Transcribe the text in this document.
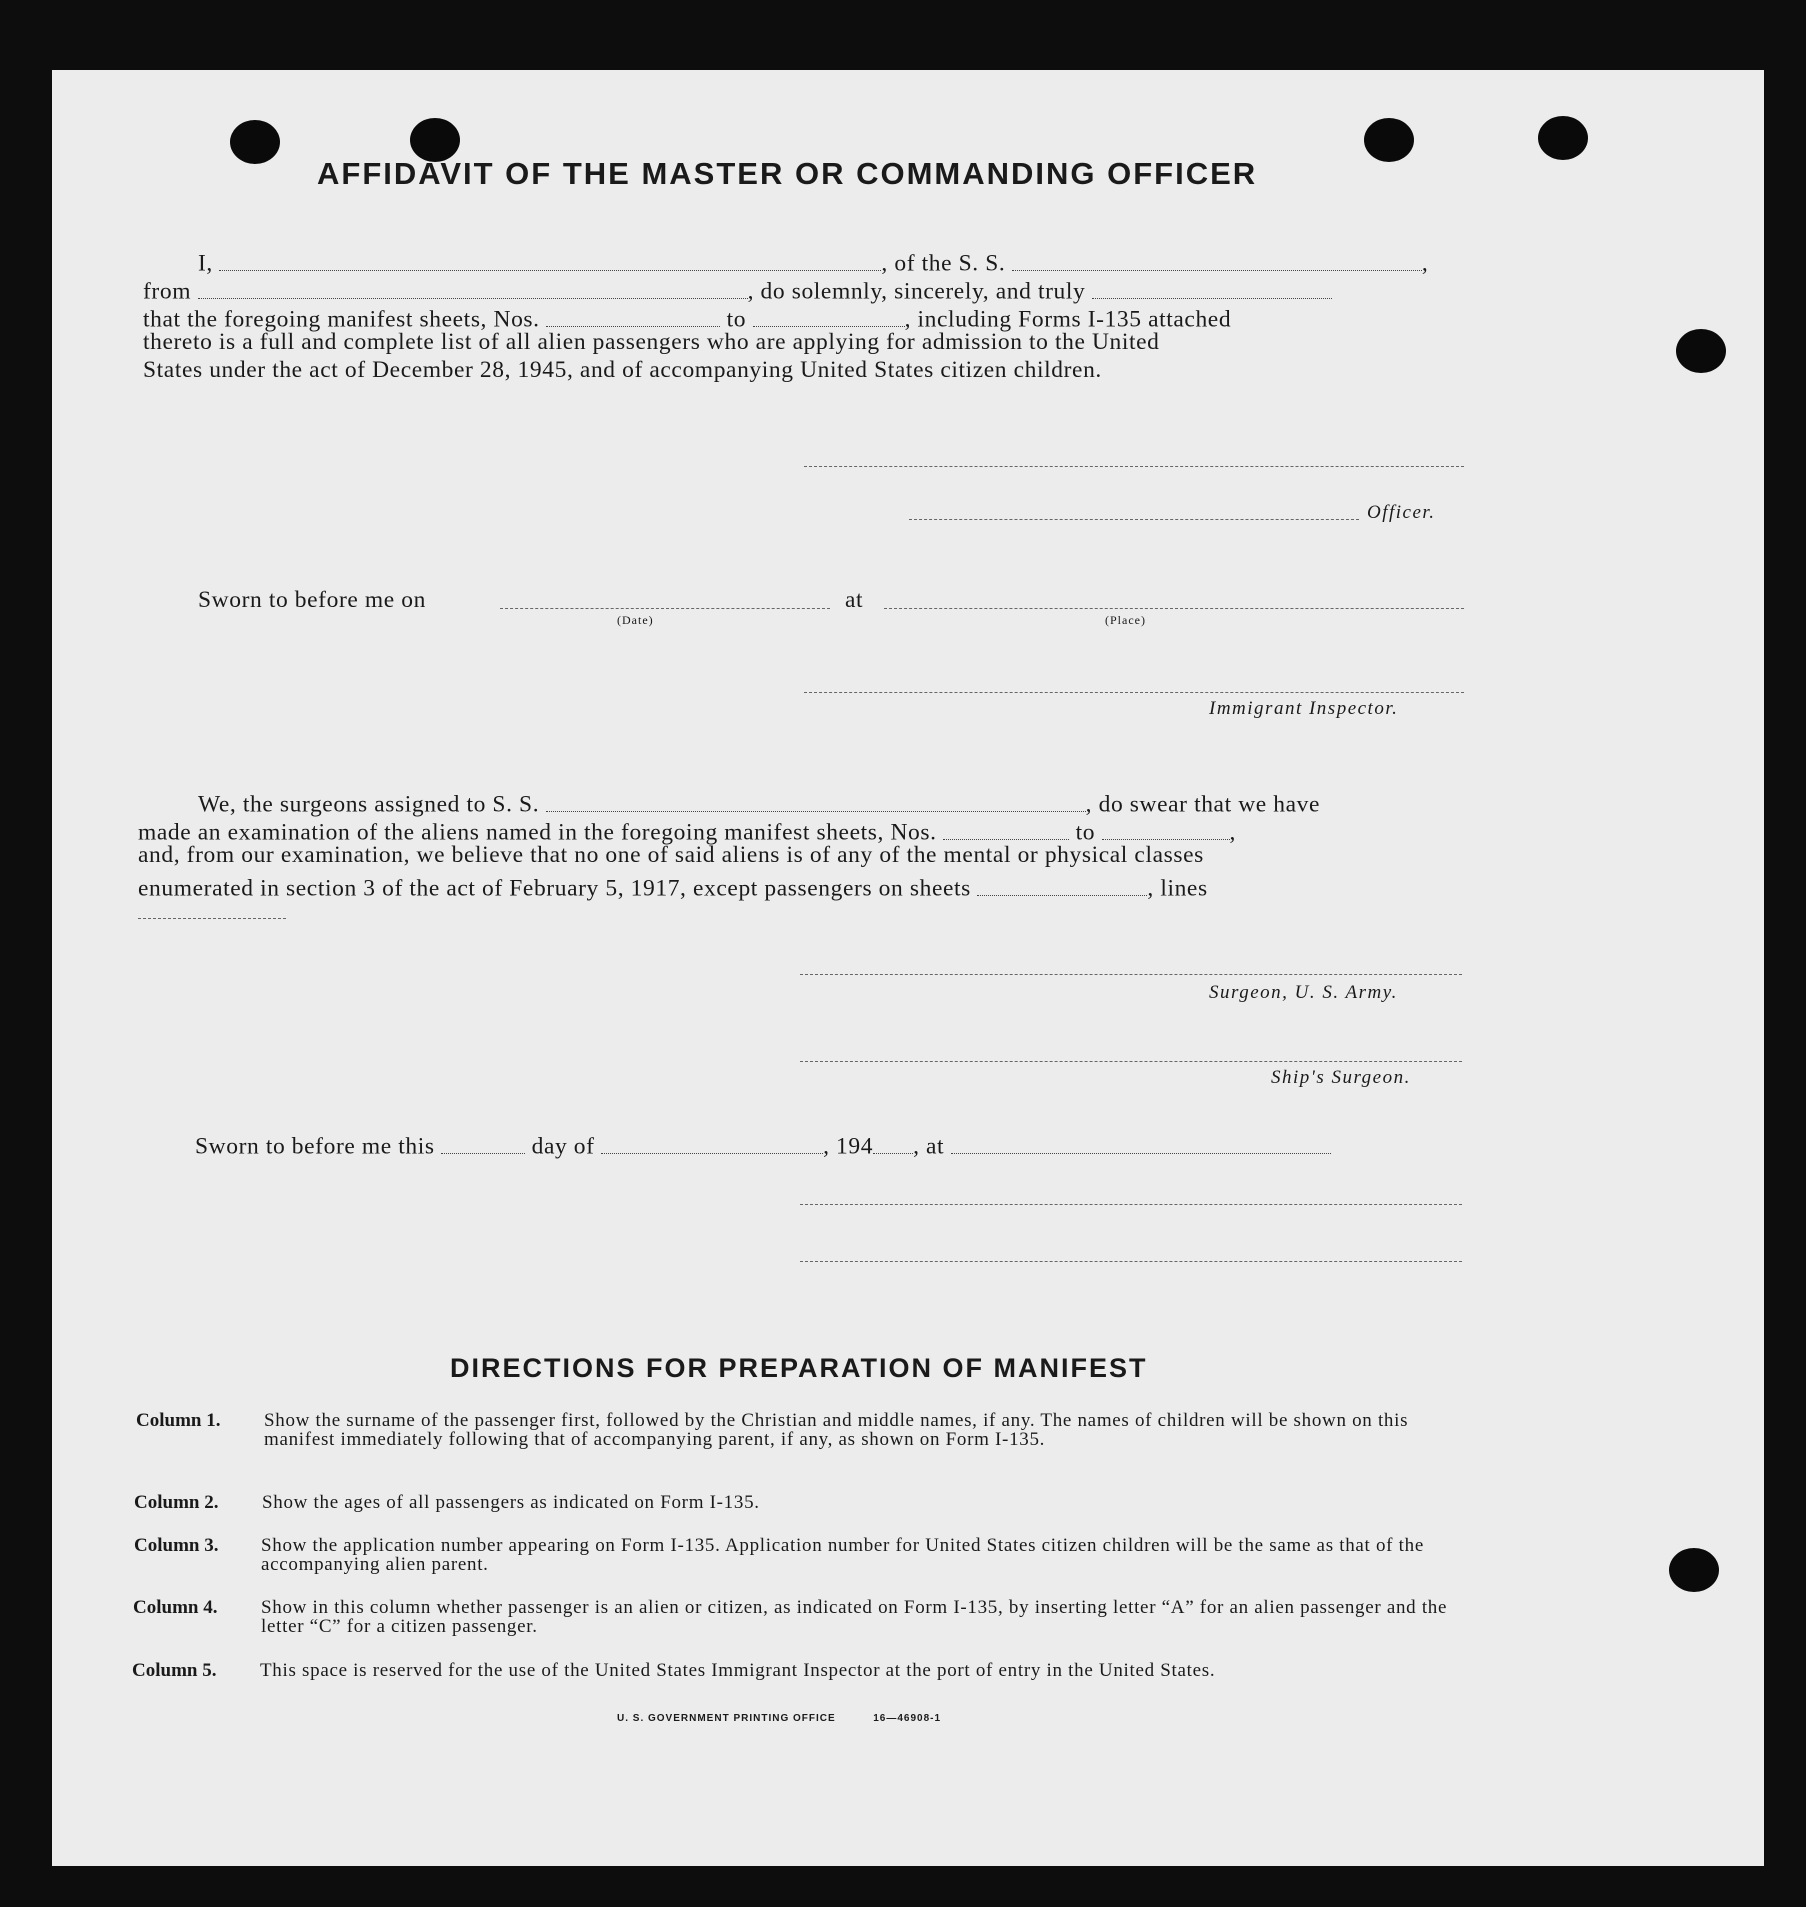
AFFIDAVIT OF THE MASTER OR COMMANDING OFFICER
I,	, of the S. S.	,
from	, do solemnly, sincerely, and truly
that the foregoing manifest sheets, Nos.	to	, including Forms I-135 attached
thereto is a full and complete list of all alien passengers who are applying for admission to the United
States under the act of December 28, 1945, and of accompanying United States citizen children.
Officer.
Sworn to before me on	at
(Date)	(Place)
Immigrant Inspector.
We, the surgeons assigned to S. S.	, do swear that we have
made an examination of the aliens named in the foregoing manifest sheets, Nos.	to	,
and, from our examination, we believe that no one of said aliens is of any of the mental or physical classes
enumerated in section 3 of the act of February 5, 1917, except passengers on sheets	, lines
Surgeon, U. S. Army.
Ship's Surgeon.
Sworn to before me this	day of	, 194 , at
DIRECTIONS FOR PREPARATION OF MANIFEST
Column 1. Show the surname of the passenger first, followed by the Christian and middle names, if any. The names of children will be shown on this manifest immediately following that of accompanying parent, if any, as shown on Form I-135.
Column 2. Show the ages of all passengers as indicated on Form I-135.
Column 3. Show the application number appearing on Form I-135. Application number for United States citizen children will be the same as that of the accompanying alien parent.
Column 4. Show in this column whether passenger is an alien or citizen, as indicated on Form I-135, by inserting letter “A” for an alien passenger and the letter “C” for a citizen passenger.
Column 5. This space is reserved for the use of the United States Immigrant Inspector at the port of entry in the United States.
U. S. GOVERNMENT PRINTING OFFICE	16—46908-1
